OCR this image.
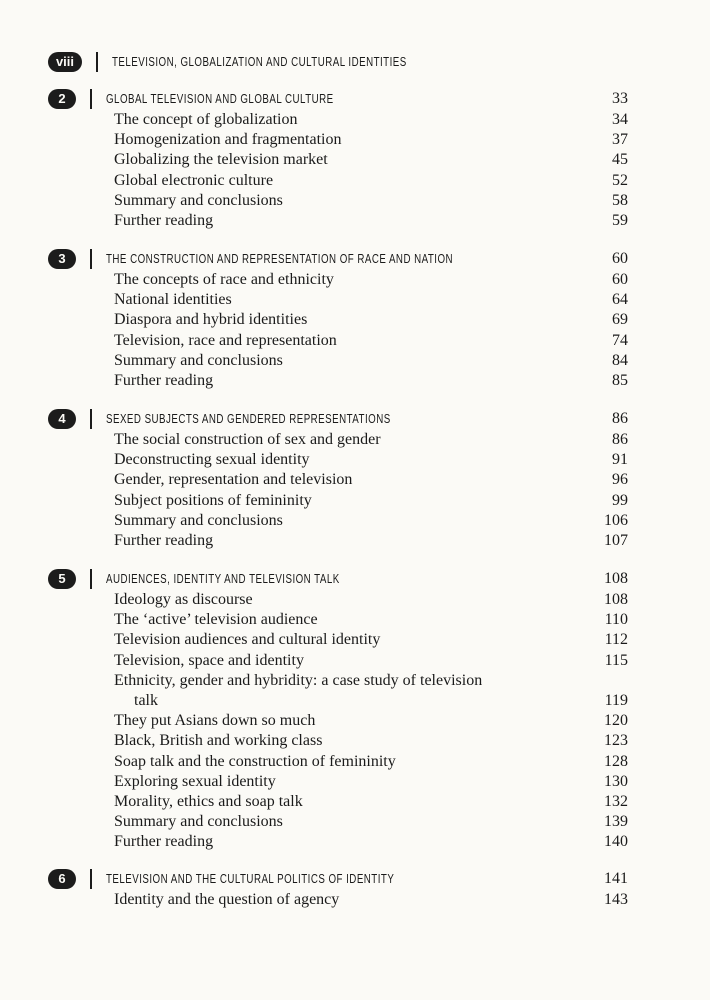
viii	TELEVISION, GLOBALIZATION AND CULTURAL IDENTITIES
2	GLOBAL TELEVISION AND GLOBAL CULTURE	33
The concept of globalization	34
Homogenization and fragmentation	37
Globalizing the television market	45
Global electronic culture	52
Summary and conclusions	58
Further reading	59
3	THE CONSTRUCTION AND REPRESENTATION OF RACE AND NATION	60
The concepts of race and ethnicity	60
National identities	64
Diaspora and hybrid identities	69
Television, race and representation	74
Summary and conclusions	84
Further reading	85
4	SEXED SUBJECTS AND GENDERED REPRESENTATIONS	86
The social construction of sex and gender	86
Deconstructing sexual identity	91
Gender, representation and television	96
Subject positions of femininity	99
Summary and conclusions	106
Further reading	107
5	AUDIENCES, IDENTITY AND TELEVISION TALK	108
Ideology as discourse	108
The ‘active’ television audience	110
Television audiences and cultural identity	112
Television, space and identity	115
Ethnicity, gender and hybridity: a case study of television
talk	119
They put Asians down so much	120
Black, British and working class	123
Soap talk and the construction of femininity	128
Exploring sexual identity	130
Morality, ethics and soap talk	132
Summary and conclusions	139
Further reading	140
6	TELEVISION AND THE CULTURAL POLITICS OF IDENTITY	141
Identity and the question of agency	143
